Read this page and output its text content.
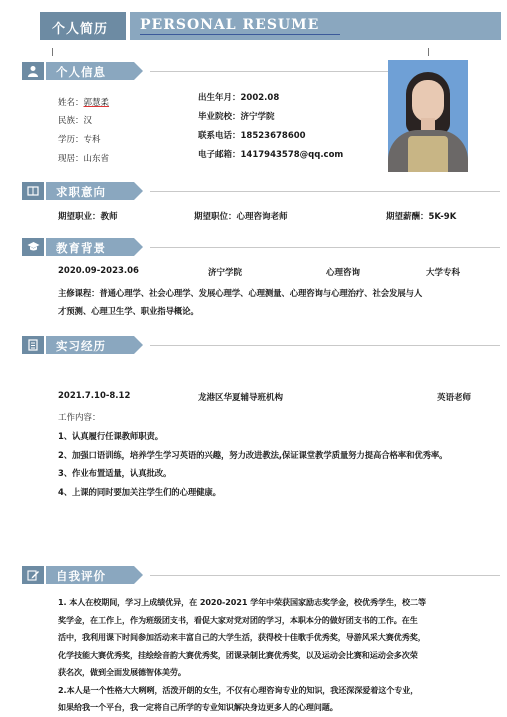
个人简历 PERSONAL RESUME
个人信息
姓名：郭慧柔
民族：汉
学历：专科
现居：山东省
出生年月：2002.08
毕业院校：济宁学院
联系电话：18523678600
电子邮箱：1417943578@qq.com
求职意向
期望职业：教师	期望职位：心理咨询老师	期望薪酬：5K-9K
教育背景
2020.09-2023.06	济宁学院	心理咨询	大学专科
主修课程：普通心理学、社会心理学、发展心理学、心理测量、心理咨询与心理治疗、社会发展与人
才预测、心理卫生学、职业指导概论。
实习经历
2021.7.10-8.12	龙港区华夏辅导班机构	英语老师
工作内容：
1、认真履行任课教师职责。
2、加强口语训练，培养学生学习英语的兴趣，努力改进教法,保证课堂教学质量努力提高合格率和优秀率。
3、作业布置适量，认真批改。
4、上课的同时要加关注学生们的心理健康。
自我评价
1. 本人在校期间，学习上成绩优异，在 2020-2021 学年中荣获国家励志奖学金，校优秀学生，校二等
奖学金，在工作上，作为班级团支书，看促大家对党对团的学习，本职本分的做好团支书的工作。在生
活中，我利用课下时间参加活动来丰富自己的大学生活，获得校十佳歌手优秀奖，导游风采大赛优秀奖，
化学技能大赛优秀奖，挂绘绘音韵大赛优秀奖，团课录制比赛优秀奖，以及运动会比赛和运动会多次荣
获名次，做到全面发展德智体美劳。
2.本人是一个性格大大咧咧，活泼开朗的女生，不仅有心理咨询专业的知识，我还深深爱着这个专业，
如果给我一个平台，我一定将自己所学的专业知识解决身边更多人的心理问题。
